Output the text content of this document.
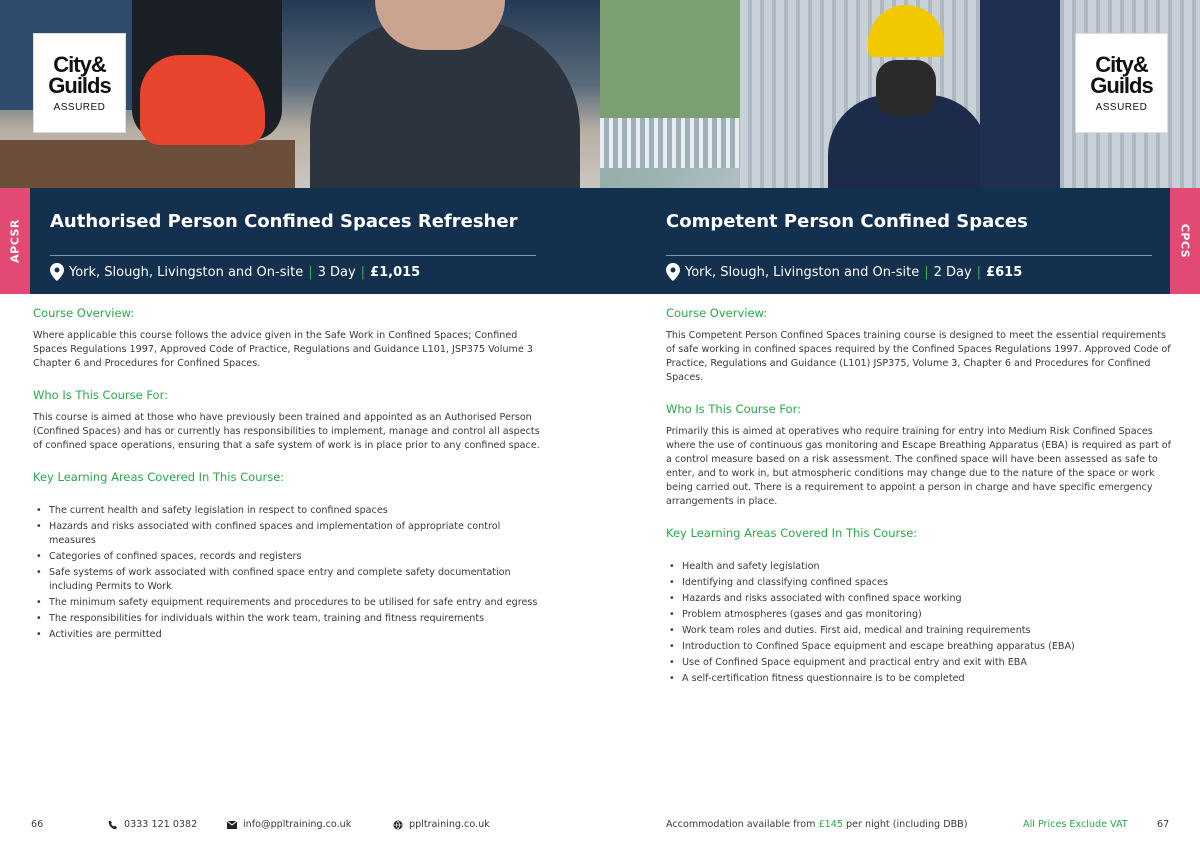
City&
Guilds
ASSURED
City&
Guilds
ASSURED
APCSR	CPCS
Authorised Person Confined Spaces Refresher
York, Slough, Livingston and On-site | 3 Day | £1,015
Competent Person Confined Spaces
York, Slough, Livingston and On-site | 2 Day | £615
Course Overview:

Where applicable this course follows the advice given in the Safe Work in Confined Spaces; Confined Spaces Regulations 1997, Approved Code of Practice, Regulations and Guidance L101, JSP375 Volume 3 Chapter 6 and Procedures for Confined Spaces.

Who Is This Course For:

This course is aimed at those who have previously been trained and appointed as an Authorised Person (Confined Spaces) and has or currently has responsibilities to implement, manage and control all aspects of confined space operations, ensuring that a safe system of work is in place prior to any confined space.

Key Learning Areas Covered In This Course:
• The current health and safety legislation in respect to confined spaces
• Hazards and risks associated with confined spaces and implementation of appropriate control measures
• Categories of confined spaces, records and registers
• Safe systems of work associated with confined space entry and complete safety documentation including Permits to Work
• The minimum safety equipment requirements and procedures to be utilised for safe entry and egress
• The responsibilities for individuals within the work team, training and fitness requirements
• Activities are permitted
Course Overview:

This Competent Person Confined Spaces training course is designed to meet the essential requirements of safe working in confined spaces required by the Confined Spaces Regulations 1997. Approved Code of Practice, Regulations and Guidance (L101) JSP375, Volume 3, Chapter 6 and Procedures for Confined Spaces.

Who Is This Course For:

Primarily this is aimed at operatives who require training for entry into Medium Risk Confined Spaces where the use of continuous gas monitoring and Escape Breathing Apparatus (EBA) is required as part of a control measure based on a risk assessment. The confined space will have been assessed as safe to enter, and to work in, but atmospheric conditions may change due to the nature of the space or work being carried out. There is a requirement to appoint a person in charge and have specific emergency arrangements in place.

Key Learning Areas Covered In This Course:
• Health and safety legislation
• Identifying and classifying confined spaces
• Hazards and risks associated with confined space working
• Problem atmospheres (gases and gas monitoring)
• Work team roles and duties. First aid, medical and training requirements
• Introduction to Confined Space equipment and escape breathing apparatus (EBA)
• Use of Confined Space equipment and practical entry and exit with EBA
• A self-certification fitness questionnaire is to be completed
66	0333 121 0382	info@ppltraining.co.uk	ppltraining.co.uk	Accommodation available from
£145
per night (including DBB)	All Prices Exclude VAT	67
